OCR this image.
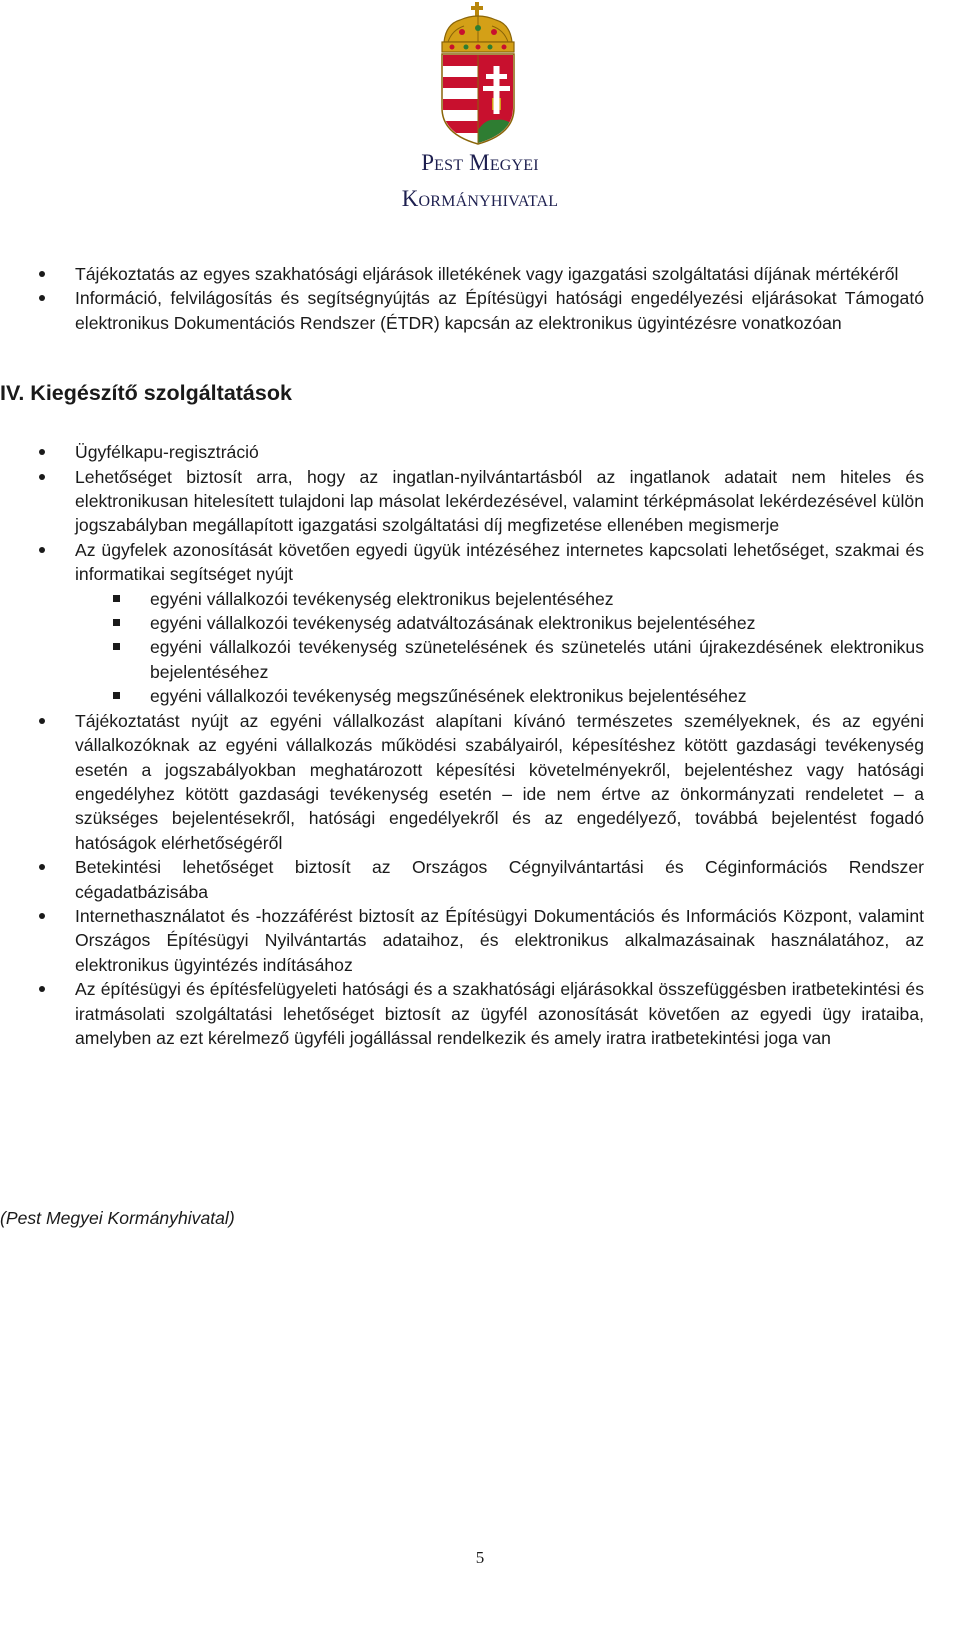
Pest Megyei
Kormányhivatal
Tájékoztatás az egyes szakhatósági eljárások illetékének vagy igazgatási szolgáltatási díjának mértékéről
Információ, felvilágosítás és segítségnyújtás az Építésügyi hatósági engedélyezési eljárásokat Támogató elektronikus Dokumentációs Rendszer (ÉTDR) kapcsán az elektronikus ügyintézésre vonatkozóan
IV. Kiegészítő szolgáltatások
Ügyfélkapu-regisztráció
Lehetőséget biztosít arra, hogy az ingatlan-nyilvántartásból az ingatlanok adatait nem hiteles és elektronikusan hitelesített tulajdoni lap másolat lekérdezésével, valamint térképmásolat lekérdezésével külön jogszabályban megállapított igazgatási szolgáltatási díj megfizetése ellenében megismerje
Az ügyfelek azonosítását követően egyedi ügyük intézéséhez internetes kapcsolati lehetőséget, szakmai és informatikai segítséget nyújt
egyéni vállalkozói tevékenység elektronikus bejelentéséhez
egyéni vállalkozói tevékenység adatváltozásának elektronikus bejelentéséhez
egyéni vállalkozói tevékenység szünetelésének és szünetelés utáni újrakezdésének elektronikus bejelentéséhez
egyéni vállalkozói tevékenység megszűnésének elektronikus bejelentéséhez
Tájékoztatást nyújt az egyéni vállalkozást alapítani kívánó természetes személyeknek, és az egyéni vállalkozóknak az egyéni vállalkozás működési szabályairól, képesítéshez kötött gazdasági tevékenység esetén a jogszabályokban meghatározott képesítési követelményekről, bejelentéshez vagy hatósági engedélyhez kötött gazdasági tevékenység esetén – ide nem értve az önkormányzati rendeletet – a szükséges bejelentésekről, hatósági engedélyekről és az engedélyező, továbbá bejelentést fogadó hatóságok elérhetőségéről
Betekintési lehetőséget biztosít az Országos Cégnyilvántartási és Céginformációs Rendszer cégadatbázisába
Internethasználatot és -hozzáférést biztosít az Építésügyi Dokumentációs és Információs Központ, valamint Országos Építésügyi Nyilvántartás adataihoz, és elektronikus alkalmazásainak használatához, az elektronikus ügyintézés indításához
Az építésügyi és építésfelügyeleti hatósági és a szakhatósági eljárásokkal összefüggésben iratbetekintési és iratmásolati szolgáltatási lehetőséget biztosít az ügyfél azonosítását követően az egyedi ügy irataiba, amelyben az ezt kérelmező ügyféli jogállással rendelkezik és amely iratra iratbetekintési joga van
(Pest Megyei Kormányhivatal)
5
